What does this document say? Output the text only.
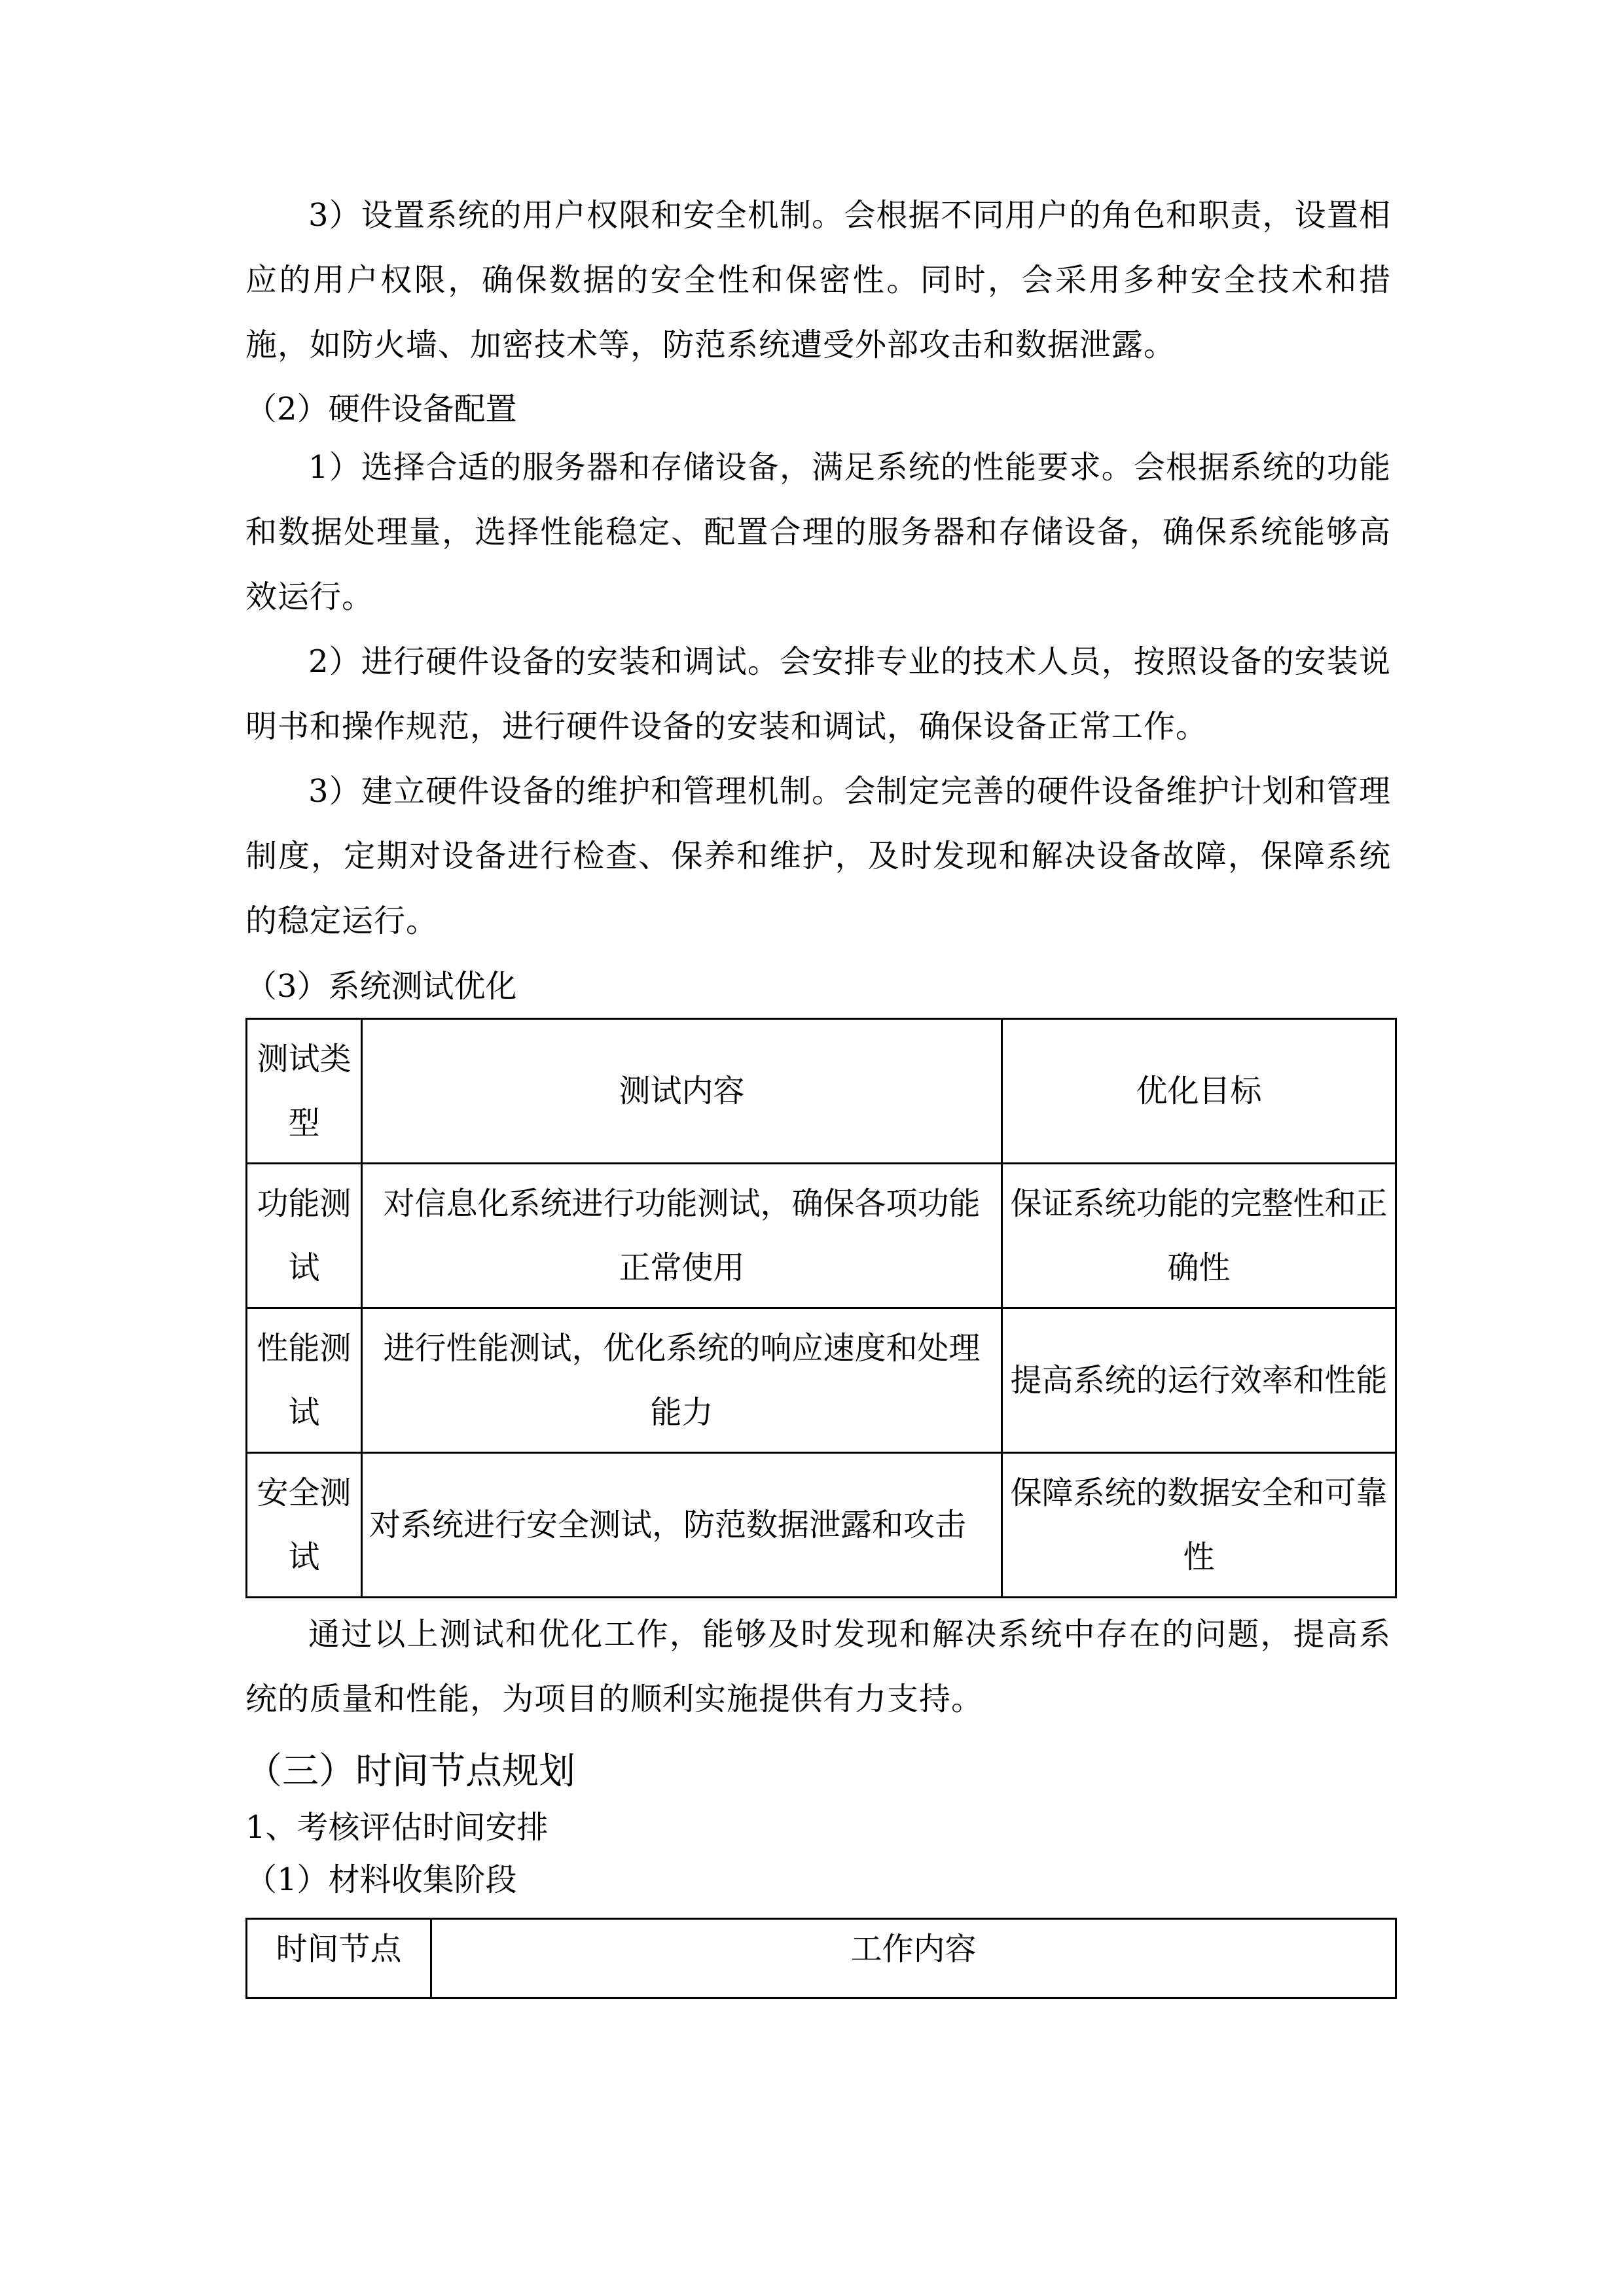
3）设置系统的用户权限和安全机制。会根据不同用户的角色和职责，设置相应的用户权限，确保数据的安全性和保密性。同时，会采用多种安全技术和措施，如防火墙、加密技术等，防范系统遭受外部攻击和数据泄露。

（2）硬件设备配置

1）选择合适的服务器和存储设备，满足系统的性能要求。会根据系统的功能和数据处理量，选择性能稳定、配置合理的服务器和存储设备，确保系统能够高效运行。

2）进行硬件设备的安装和调试。会安排专业的技术人员，按照设备的安装说明书和操作规范，进行硬件设备的安装和调试，确保设备正常工作。

3）建立硬件设备的维护和管理机制。会制定完善的硬件设备维护计划和管理制度，定期对设备进行检查、保养和维护，及时发现和解决设备故障，保障系统的稳定运行。

（3）系统测试优化

测试类型	测试内容	优化目标
功能测试	对信息化系统进行功能测试，确保各项功能正常使用	保证系统功能的完整性和正确性
性能测试	进行性能测试，优化系统的响应速度和处理能力	提高系统的运行效率和性能
安全测试	对系统进行安全测试，防范数据泄露和攻击	保障系统的数据安全和可靠性

通过以上测试和优化工作，能够及时发现和解决系统中存在的问题，提高系统的质量和性能，为项目的顺利实施提供有力支持。

（三）时间节点规划

1、考核评估时间安排

（1）材料收集阶段

时间节点	工作内容
